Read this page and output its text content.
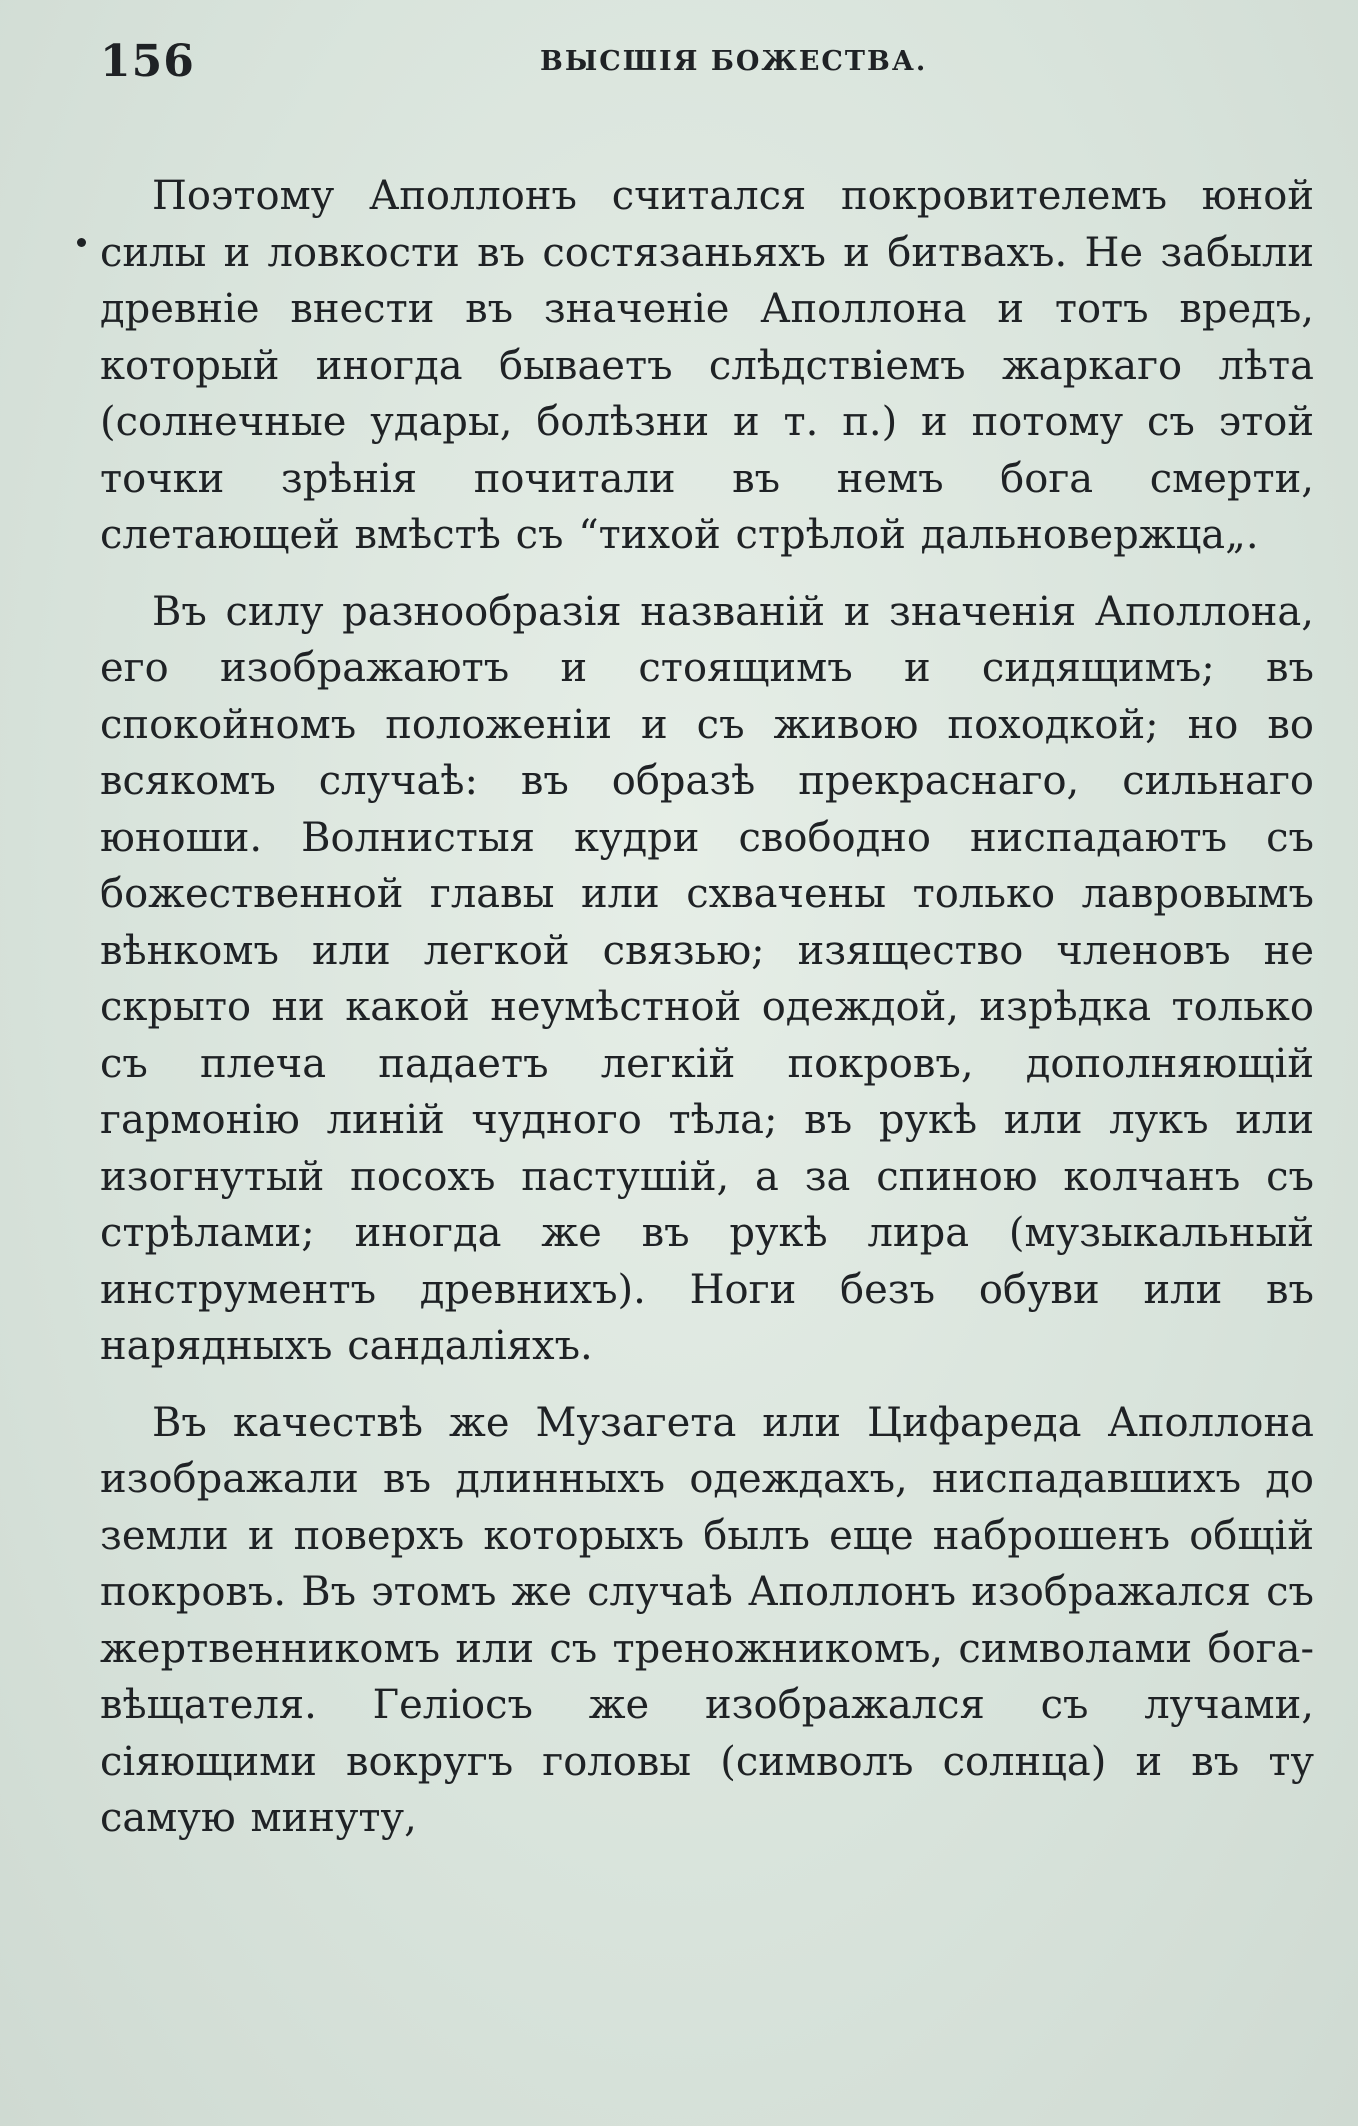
156	ВЫСШІЯ БОЖЕСТВА.

Поэтому Аполлонъ считался покровителемъ юной силы и ловкости въ состязаньяхъ и битвахъ. Не забыли древніе внести въ значеніе Аполлона и тотъ вредъ, который иногда бываетъ слѣдствіемъ жаркаго лѣта (солнечные удары, болѣзни и т. п.) и потому съ этой точки зрѣнія почитали въ немъ бога смерти, слетающей вмѣстѣ съ “тихой стрѣлой дальновержца„.

Въ силу разнообразія названій и значенія Аполлона, его изображаютъ и стоящимъ и сидящимъ; въ спокойномъ положеніи и съ живою походкой; но во всякомъ случаѣ: въ образѣ прекраснаго, сильнаго юноши. Волнистыя кудри свободно ниспадаютъ съ божественной главы или схвачены только лавровымъ вѣнкомъ или легкой связью; изящество членовъ не скрыто ни какой неумѣстной одеждой, изрѣдка только съ плеча падаетъ легкій покровъ, дополняющій гармонію линій чудного тѣла; въ рукѣ или лукъ или изогнутый посохъ пастушій, а за спиною колчанъ съ стрѣлами; иногда же въ рукѣ лира (музыкальный инструментъ древнихъ). Ноги безъ обуви или въ нарядныхъ сандаліяхъ.

Въ качествѣ же Музагета или Цифареда Аполлона изображали въ длинныхъ одеждахъ, ниспадавшихъ до земли и поверхъ которыхъ былъ еще наброшенъ общій покровъ. Въ этомъ же случаѣ Аполлонъ изображался съ жертвенникомъ или съ треножникомъ, символами бога-вѣщателя. Геліосъ же изображался съ лучами, сіяющими вокругъ головы (символъ солнца) и въ ту самую минуту,
